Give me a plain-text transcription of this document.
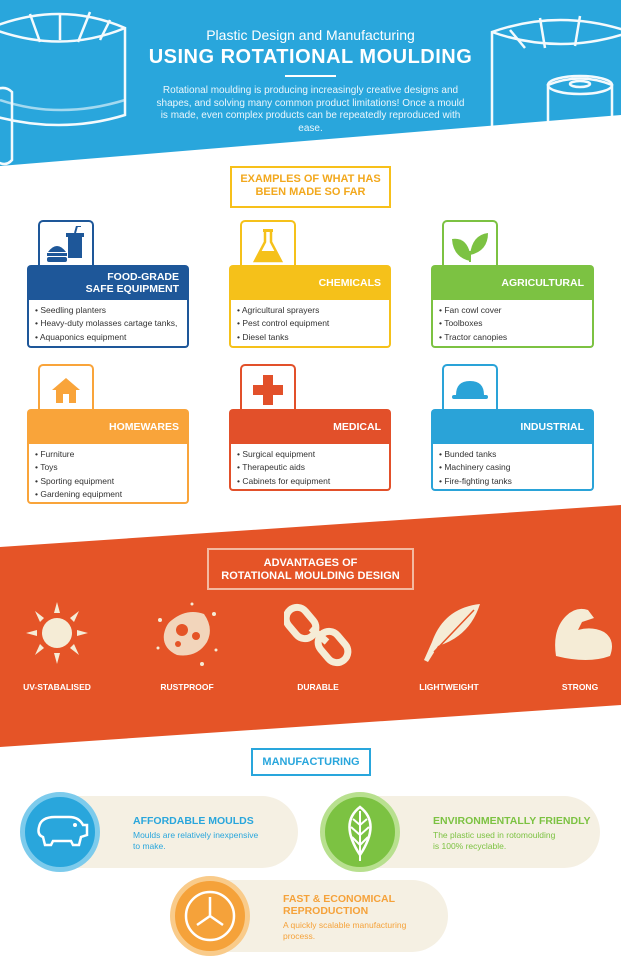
Plastic Design and Manufacturing
USING ROTATIONAL MOULDING
Rotational moulding is producing increasingly creative designs and shapes, and solving many common product limitations! Once a mould is made, even complex products can be repeatedly reproduced with ease.
EXAMPLES OF WHAT HAS
BEEN MADE SO FAR
FOOD-GRADE
SAFE EQUIPMENT
• Seedling planters
• Heavy-duty molasses cartage tanks,
• Aquaponics equipment
CHEMICALS
• Agricultural sprayers
• Pest control equipment
• Diesel tanks
AGRICULTURAL
• Fan cowl cover
• Toolboxes
• Tractor canopies
HOMEWARES
• Furniture
• Toys
• Sporting equipment
• Gardening equipment
MEDICAL
• Surgical equipment
• Therapeutic aids
• Cabinets for equipment
INDUSTRIAL
• Bunded tanks
• Machinery casing
• Fire-fighting tanks
ADVANTAGES OF
ROTATIONAL MOULDING DESIGN
UV-STABALISED	RUSTPROOF	DURABLE	LIGHTWEIGHT	STRONG
MANUFACTURING
AFFORDABLE MOULDS
Moulds are relatively inexpensive
to make.
ENVIRONMENTALLY FRIENDLY
The plastic used in rotomoulding
is 100% recyclable.
FAST & ECONOMICAL
REPRODUCTION
A quickly scalable manufacturing
process.
